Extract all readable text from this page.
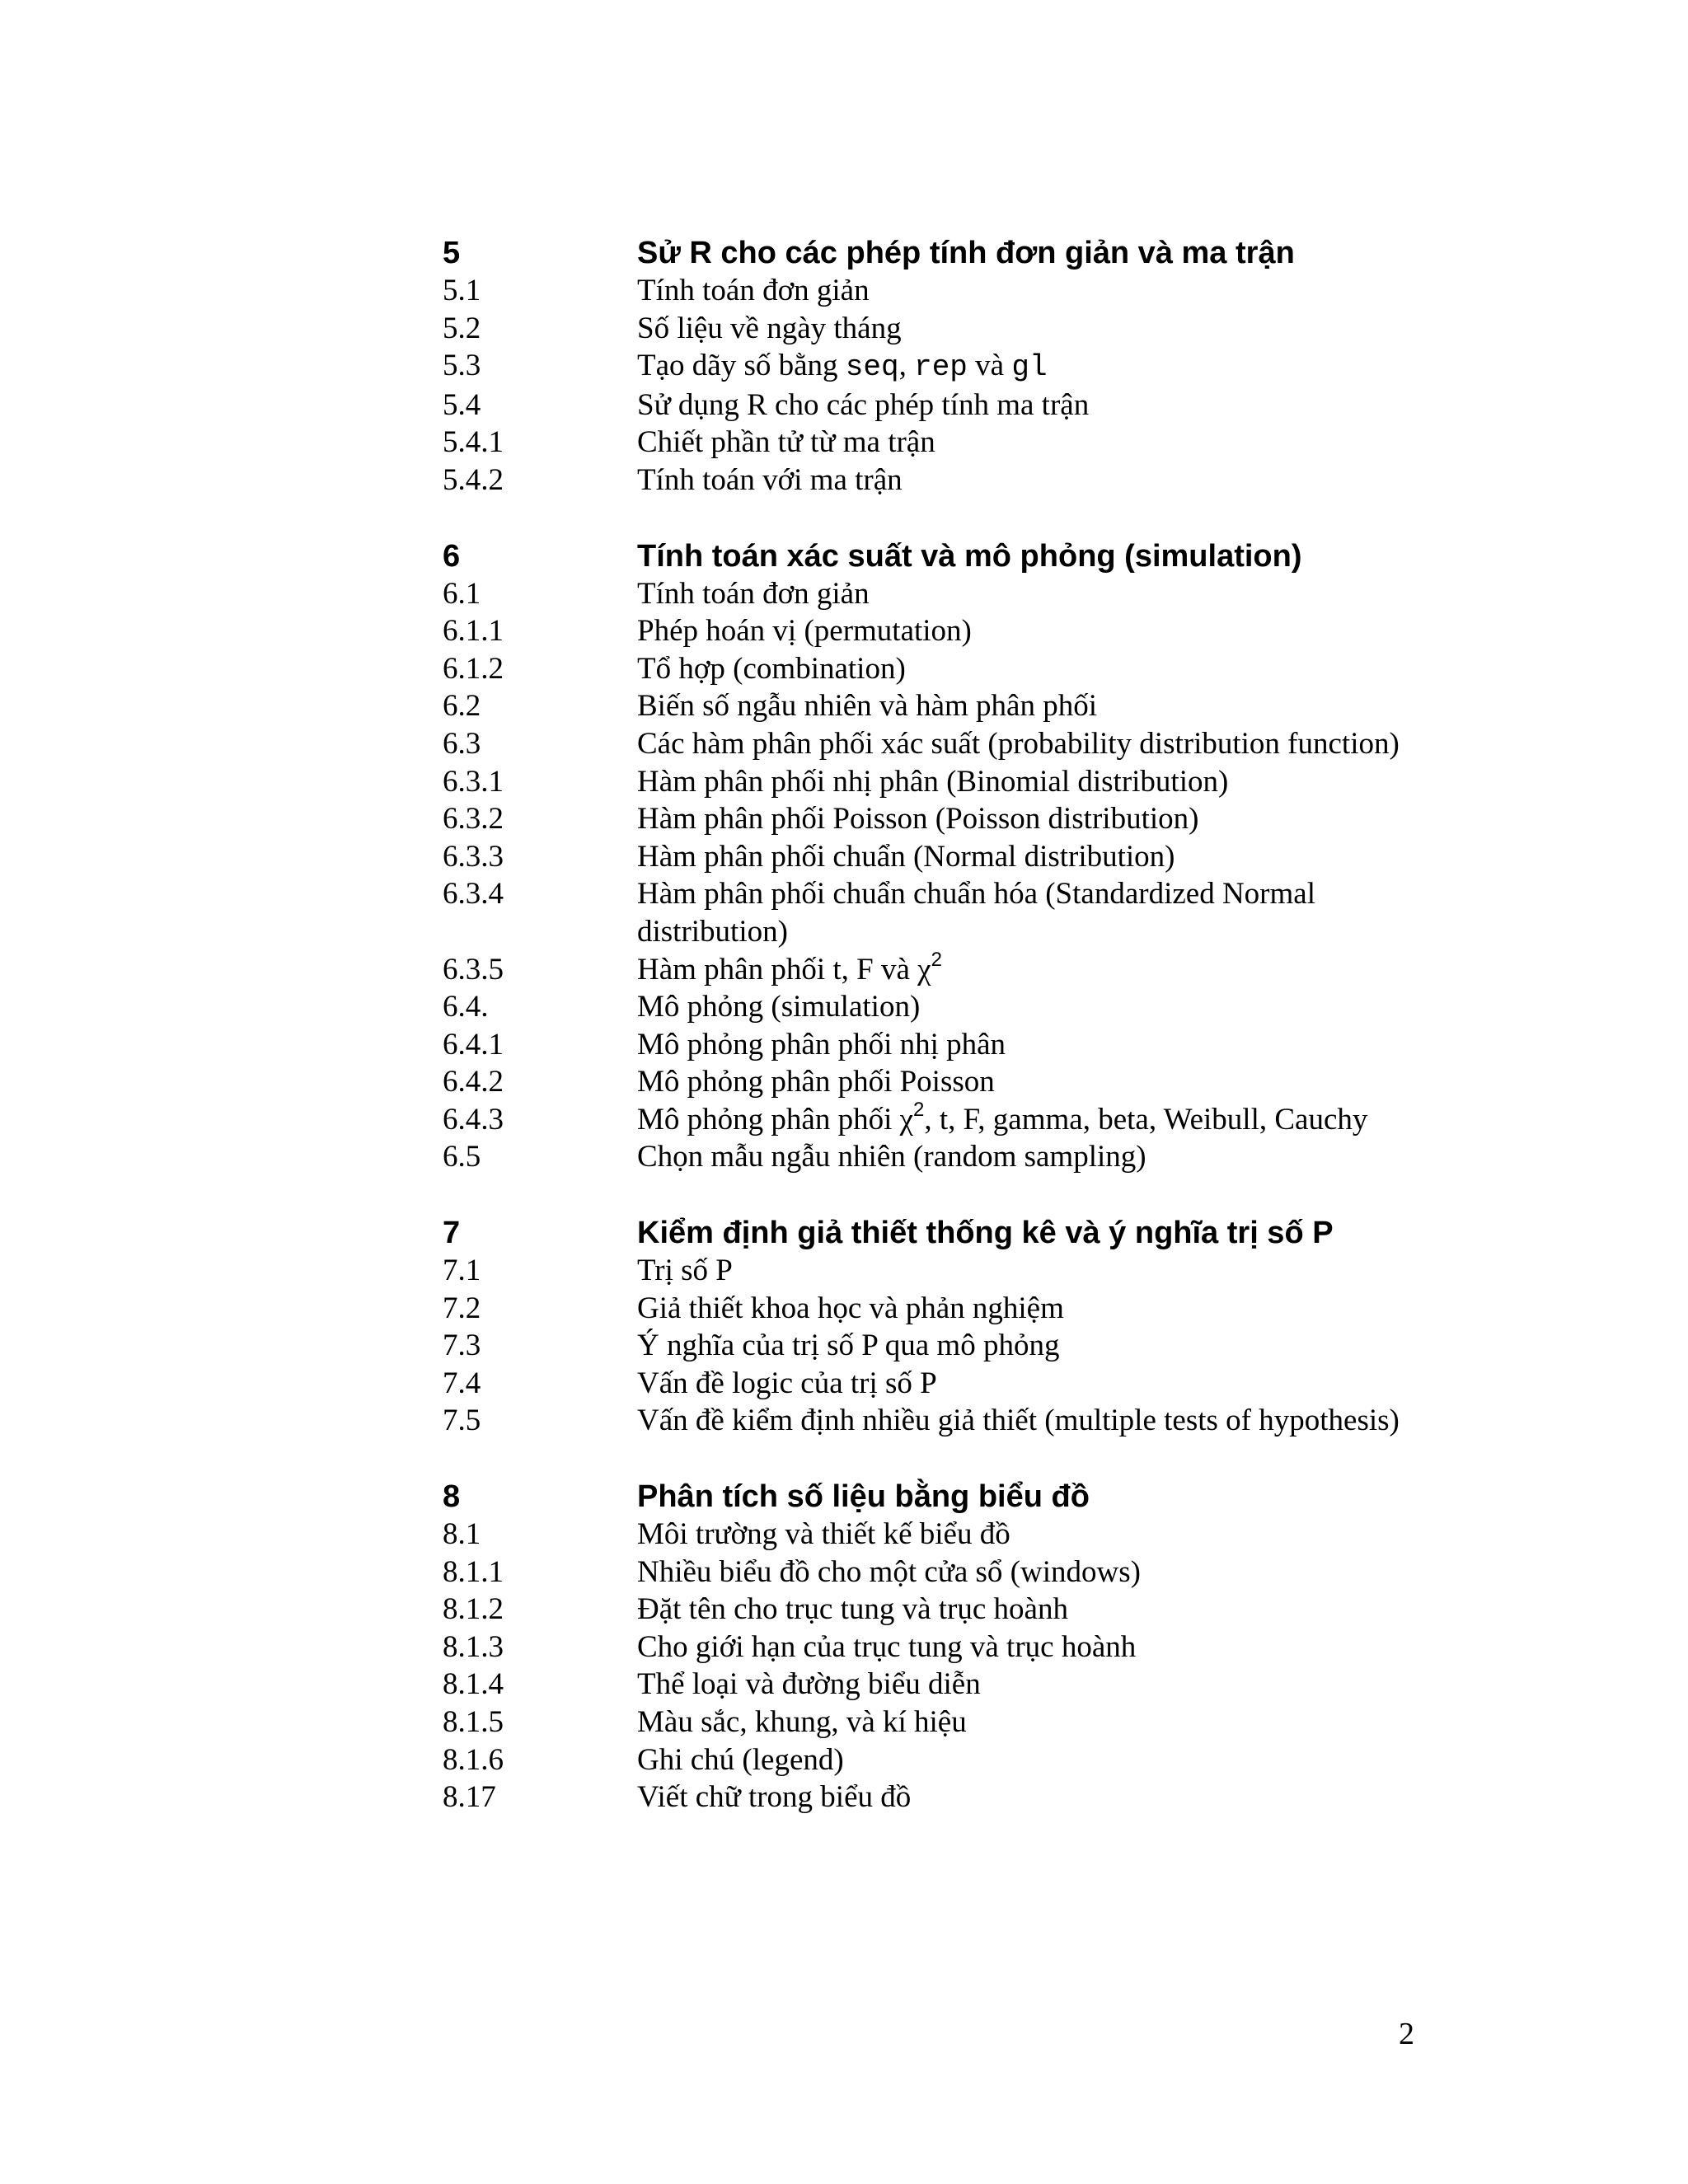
5	Sử R cho các phép tính đơn giản và ma trận
5.1	Tính toán đơn giản
5.2	Số liệu về ngày tháng
5.3	Tạo dãy số bằng seq, rep và gl
5.4	Sử dụng R cho các phép tính ma trận
5.4.1	Chiết phần tử từ ma trận
5.4.2	Tính toán với ma trận
6	Tính toán xác suất và mô phỏng (simulation)
6.1	Tính toán đơn giản
6.1.1	Phép hoán vị (permutation)
6.1.2	Tổ hợp (combination)
6.2	Biến số ngẫu nhiên và hàm phân phối
6.3	Các hàm phân phối xác suất (probability distribution function)
6.3.1	Hàm phân phối nhị phân (Binomial distribution)
6.3.2	Hàm phân phối Poisson (Poisson distribution)
6.3.3	Hàm phân phối chuẩn (Normal distribution)
6.3.4	Hàm phân phối chuẩn chuẩn hóa (Standardized Normal distribution)
6.3.5	Hàm phân phối t, F và $\chi^2$
6.4.	Mô phỏng (simulation)
6.4.1	Mô phỏng phân phối nhị phân
6.4.2	Mô phỏng phân phối Poisson
6.4.3	Mô phỏng phân phối $\chi^2$, t, F, gamma, beta, Weibull, Cauchy
6.5	Chọn mẫu ngẫu nhiên (random sampling)
7	Kiểm định giả thiết thống kê và ý nghĩa trị số P
7.1	Trị số P
7.2	Giả thiết khoa học và phản nghiệm
7.3	Ý nghĩa của trị số P qua mô phỏng
7.4	Vấn đề logic của trị số P
7.5	Vấn đề kiểm định nhiều giả thiết (multiple tests of hypothesis)
8	Phân tích số liệu bằng biểu đồ
8.1	Môi trường và thiết kế biểu đồ
8.1.1	Nhiều biểu đồ cho một cửa sổ (windows)
8.1.2	Đặt tên cho trục tung và trục hoành
8.1.3	Cho giới hạn của trục tung và trục hoành
8.1.4	Thể loại và đường biểu diễn
8.1.5	Màu sắc, khung, và kí hiệu
8.1.6	Ghi chú (legend)
8.17	Viết chữ trong biểu đồ
2
